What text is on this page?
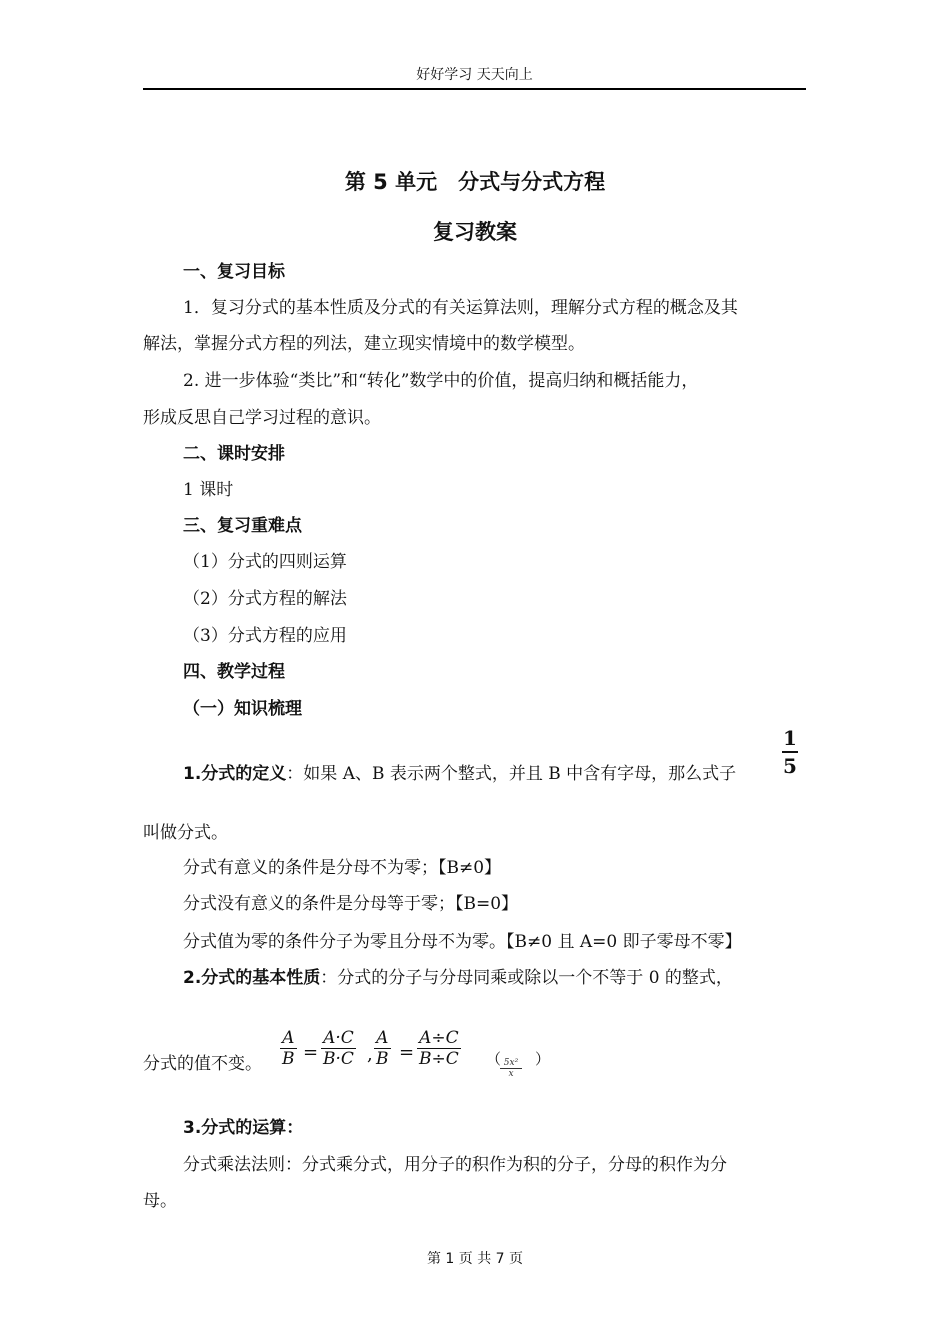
好好学习 天天向上
第 5 单元　分式与分式方程
复习教案
一、复习目标
1．复习分式的基本性质及分式的有关运算法则，理解分式方程的概念及其
解法，掌握分式方程的列法，建立现实情境中的数学模型。
2. 进一步体验“类比”和“转化”数学中的价值，提高归纳和概括能力，
形成反思自己学习过程的意识。
二、课时安排
1 课时
三、复习重难点
（1）分式的四则运算
（2）分式方程的解法
（3）分式方程的应用
四、教学过程
（一）知识梳理
1.分式的定义：如果 A、B 表示两个整式，并且 B 中含有字母，那么式子
1
5
叫做分式。
分式有意义的条件是分母不为零；【B≠0】
分式没有意义的条件是分母等于零；【B=0】
分式值为零的条件分子为零且分母不为零。【B≠0 且 A=0 即子零母不零】
2.分式的基本性质：分式的分子与分母同乘或除以一个不等于 0 的整式，
分式的值不变。
A
B =
A·C
B·C ,
A
B =
A÷C
B÷C （ 5x²
x
）
3.分式的运算：
分式乘法法则：分式乘分式，用分子的积作为积的分子，分母的积作为分
母。
第 1 页 共 7 页
